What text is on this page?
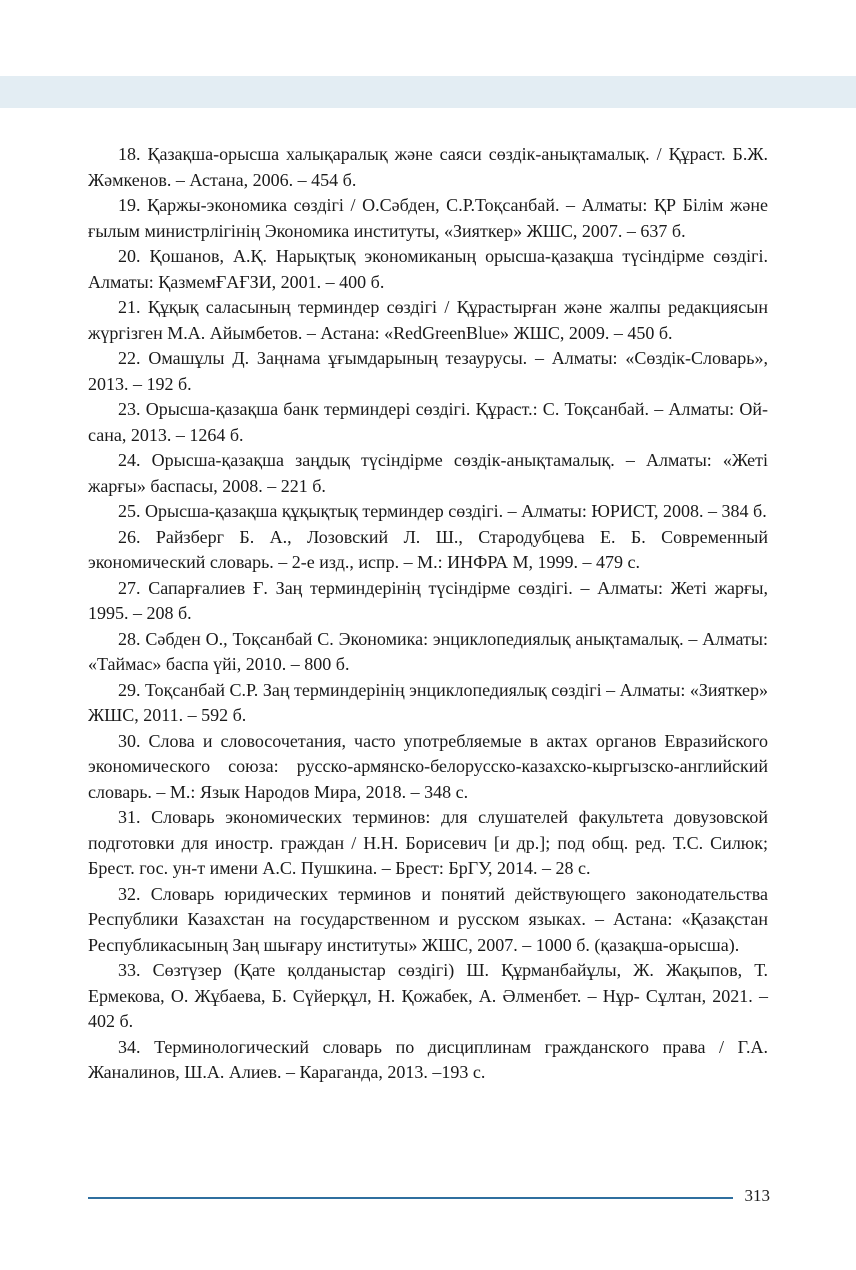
18. Қазақша-орысша халықаралық және саяси сөздік-анықтамалық. / Құраст. Б.Ж. Жәмкенов. – Астана, 2006. – 454 б.

19. Қаржы-экономика сөздігі / О.Сәбден, С.Р.Тоқсанбай. – Алматы: ҚР Білім және ғылым министрлігінің Экономика институты, «Зияткер» ЖШС, 2007. – 637 б.

20. Қошанов, А.Қ. Нарықтық экономиканың орысша-қазақша түсіндірме сөздігі. Алматы: ҚазмемҒАҒЗИ, 2001. – 400 б.

21. Құқық саласының терминдер сөздігі / Құрастырған және жалпы редакциясын жүргізген М.А. Айымбетов. – Астана: «RedGreenBlue» ЖШС, 2009. – 450 б.

22. Омашұлы Д. Заңнама ұғымдарының тезаурусы. – Алматы: «Сөздік-Словарь», 2013. – 192 б.

23. Орысша-қазақша банк терминдері сөздігі. Құраст.: С. Тоқсанбай. – Алматы: Ой-сана, 2013. – 1264 б.

24. Орысша-қазақша заңдық түсіндірме сөздік-анықтамалық. – Алматы: «Жеті жарғы» баспасы, 2008. – 221 б.

25. Орысша-қазақша құқықтық терминдер сөздігі. – Алматы: ЮРИСТ, 2008. – 384 б.

26. Райзберг Б. А., Лозовский Л. Ш., Стародубцева Е. Б. Современный экономический словарь. – 2-е изд., испр. – М.: ИНФРА М, 1999. – 479 с.

27. Сапарғалиев Ғ. Заң терминдерінің түсіндірме сөздігі. – Алматы: Жеті жарғы, 1995. – 208 б.

28. Сәбден О., Тоқсанбай С. Экономика: энциклопедиялық анықтамалық. – Алматы: «Таймас» баспа үйі, 2010. – 800 б.

29. Тоқсанбай С.Р. Заң терминдерінің энциклопедиялық сөздігі – Алматы: «Зияткер» ЖШС, 2011. – 592 б.

30. Слова и словосочетания, часто употребляемые в актах органов Евразийского экономического союза: русско-армянско-белорусско-казахско-кыргызско-английский словарь. – М.: Язык Народов Мира, 2018. – 348 с.

31. Словарь экономических терминов: для слушателей факультета довузовской подготовки для иностр. граждан / Н.Н. Борисевич [и др.]; под общ. ред. Т.С. Силюк; Брест. гос. ун-т имени А.С. Пушкина. – Брест: БрГУ, 2014. – 28 с.

32. Словарь юридических терминов и понятий действующего законодательства Республики Казахстан на государственном и русском языках. – Астана: «Қазақстан Республикасының Заң шығару институты» ЖШС, 2007. – 1000 б. (қазақша-орысша).

33. Сөзтүзер (Қате қолданыстар сөздігі) Ш. Құрманбайұлы, Ж. Жақыпов, Т. Ермекова, О. Жұбаева, Б. Сүйерқұл, Н. Қожабек, А. Әлменбет. – Нұр- Сұлтан, 2021. – 402 б.

34. Терминологический словарь по дисциплинам гражданского права / Г.А. Жаналинов, Ш.А. Алиев. – Караганда, 2013. –193 с.

313
